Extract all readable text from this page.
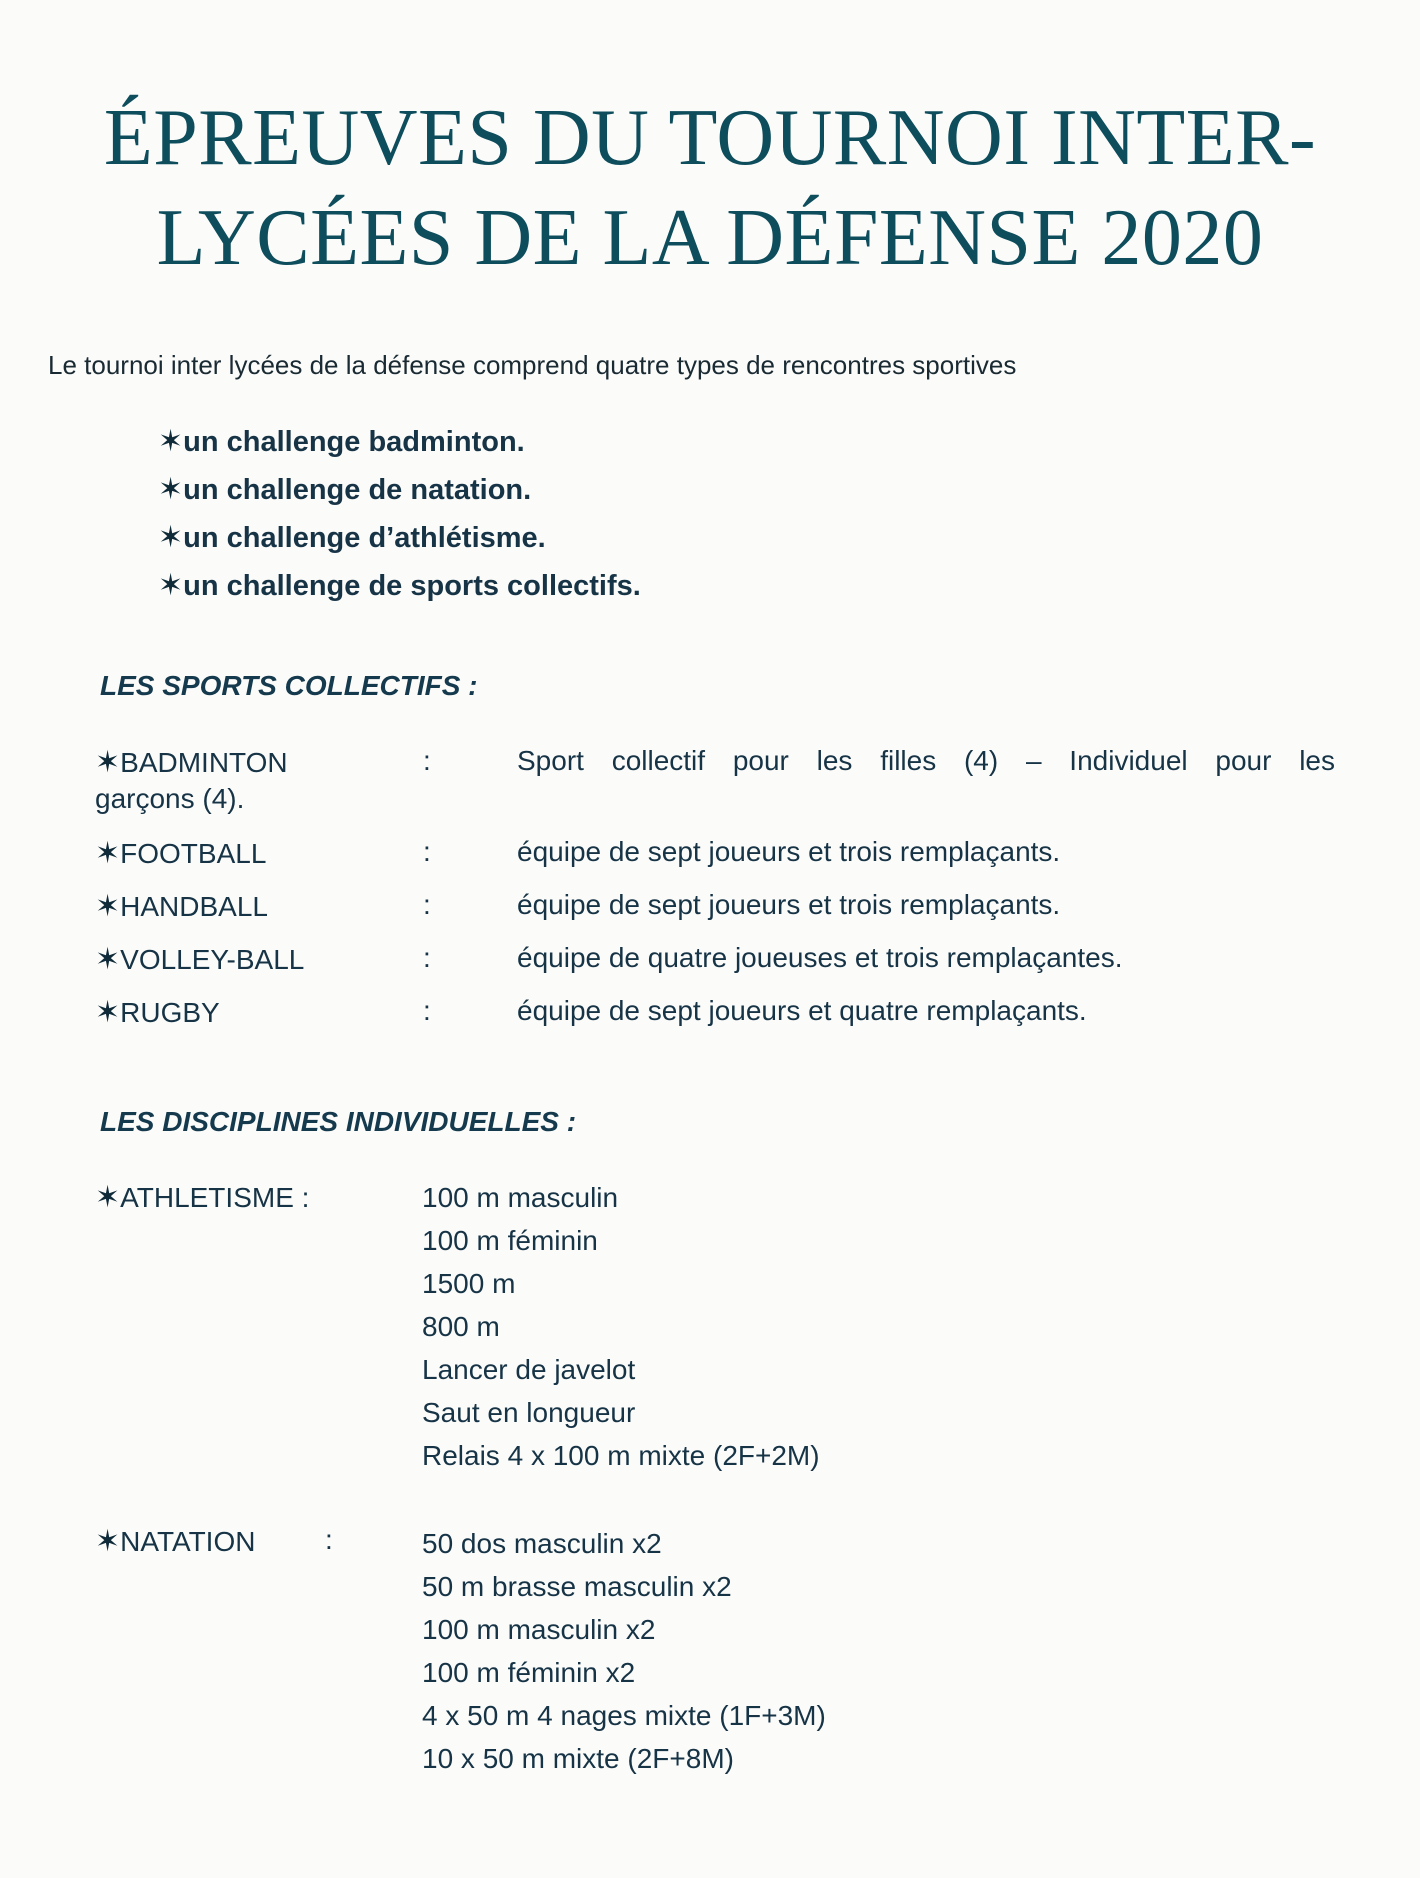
ÉPREUVES DU TOURNOI INTER-
LYCÉES DE LA DÉFENSE 2020

Le tournoi inter lycées de la défense comprend quatre types de rencontres sportives

✶un challenge badminton.
✶un challenge de natation.
✶un challenge d’athlétisme.
✶un challenge de sports collectifs.
LES SPORTS COLLECTIFS :
✶BADMINTON	:	Sport collectif pour les filles (4) – Individuel pour les
garçons (4).
✶FOOTBALL	:	équipe de sept joueurs et trois remplaçants.
✶HANDBALL	:	équipe de sept joueurs et trois remplaçants.
✶VOLLEY-BALL	:	équipe de quatre joueuses et trois remplaçantes.
✶RUGBY	:	équipe de sept joueurs et quatre remplaçants.
LES DISCIPLINES INDIVIDUELLES :
✶ATHLETISME :	100 m masculin
100 m féminin
1500 m
800 m
Lancer de javelot
Saut en longueur
Relais 4 x 100 m mixte (2F+2M)
✶NATATION :	50 dos masculin x2
50 m brasse masculin x2
100 m masculin x2
100 m féminin x2
4 x 50 m 4 nages mixte (1F+3M)
10 x 50 m mixte (2F+8M)
